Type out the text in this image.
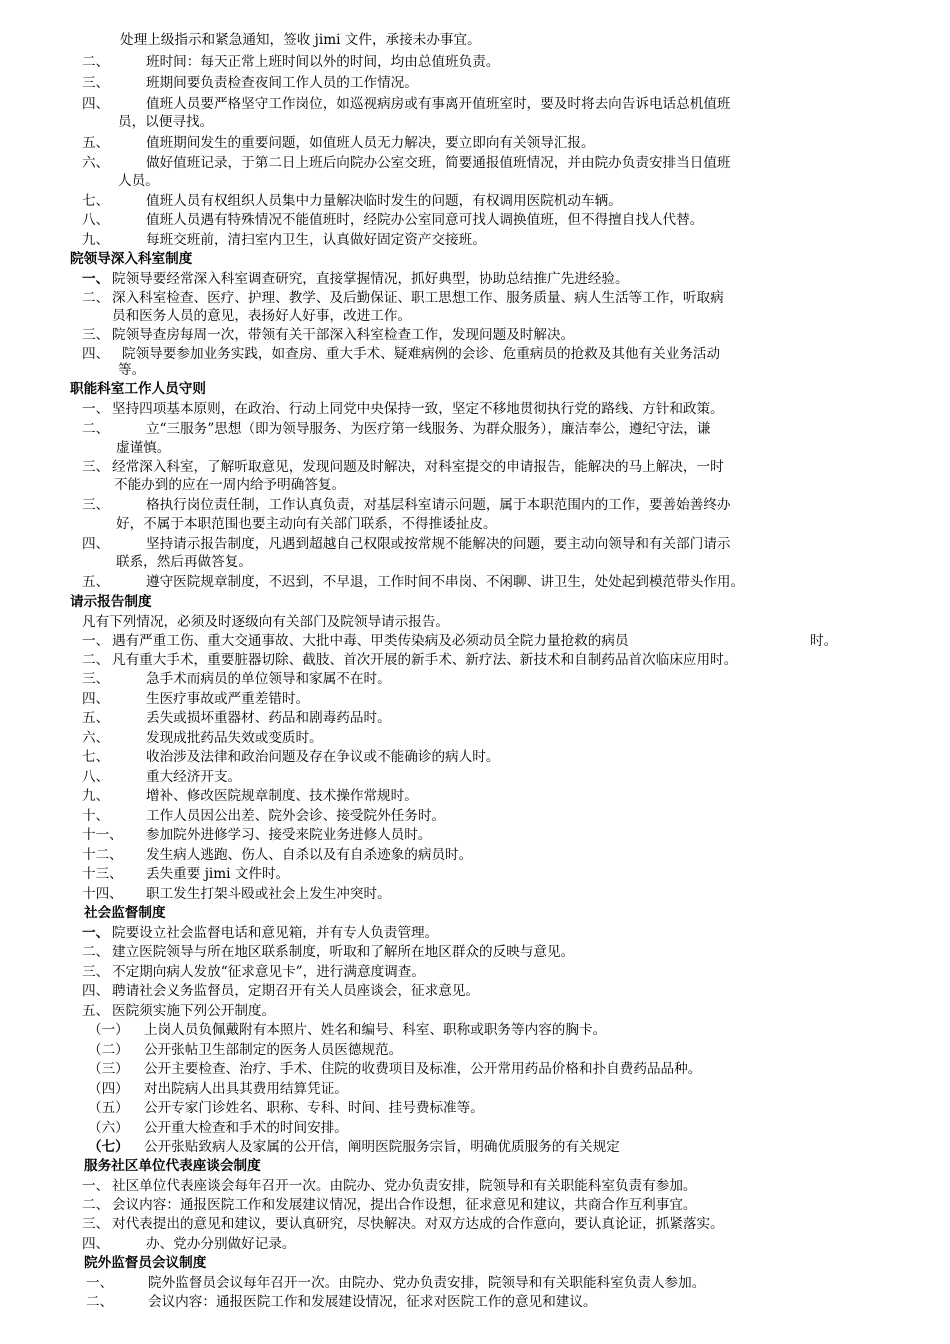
处理上级指示和紧急通知，签收 jimi 文件，承接未办事宜。
二、	班时间：每天正常上班时间以外的时间，均由总值班负责。
三、	班期间要负责检查夜间工作人员的工作情况。
四、	值班人员要严格坚守工作岗位，如巡视病房或有事离开值班室时，要及时将去向告诉电话总机值班
员，以便寻找。
五、	值班期间发生的重要问题，如值班人员无力解决，要立即向有关领导汇报。
六、	做好值班记录，于第二日上班后向院办公室交班，简要通报值班情况，并由院办负责安排当日值班
人员。
七、	值班人员有权组织人员集中力量解决临时发生的问题，有权调用医院机动车辆。
八、	值班人员遇有特殊情况不能值班时，经院办公室同意可找人调换值班，但不得擅自找人代替。
九、	每班交班前，清扫室内卫生，认真做好固定资产交接班。
院领导深入科室制度
一、 院领导要经常深入科室调查研究，直接掌握情况，抓好典型，协助总结推广先进经验。
二、 深入科室检查、医疗、护理、教学、及后勤保证、职工思想工作、服务质量、病人生活等工作，听取病
员和医务人员的意见，表扬好人好事，改进工作。
三、 院领导查房每周一次，带领有关干部深入科室检查工作，发现问题及时解决。
四、 院领导要参加业务实践，如查房、重大手术、疑难病例的会诊、危重病员的抢救及其他有关业务活动
等。
职能科室工作人员守则
一、 坚持四项基本原则，在政治、行动上同党中央保持一致，坚定不移地贯彻执行党的路线、方针和政策。
二、	立“三服务”思想（即为领导服务、为医疗第一线服务、为群众服务），廉洁奉公，遵纪守法，谦
虚谨慎。
三、 经常深入科室，了解听取意见，发现问题及时解决，对科室提交的申请报告，能解决的马上解决，一时
不能办到的应在一周内给予明确答复。
三、	格执行岗位责任制，工作认真负责，对基层科室请示问题，属于本职范围内的工作，要善始善终办
好，不属于本职范围也要主动向有关部门联系，不得推诿扯皮。
四、	坚持请示报告制度，凡遇到超越自己权限或按常规不能解决的问题，要主动向领导和有关部门请示
联系，然后再做答复。
五、	遵守医院规章制度，不迟到，不早退，工作时间不串岗、不闲聊、讲卫生，处处起到模范带头作用。
请示报告制度
凡有下列情况，必须及时逐级向有关部门及院领导请示报告。
一、 遇有严重工伤、重大交通事故、大批中毒、甲类传染病及必须动员全院力量抢救的病员	时。
二、 凡有重大手术，重要脏器切除、截肢、首次开展的新手术、新疗法、新技术和自制药品首次临床应用时。
三、	急手术而病员的单位领导和家属不在时。
四、	生医疗事故或严重差错时。
五、	丢失或损坏重器材、药品和剧毒药品时。
六、	发现成批药品失效或变质时。
七、	收治涉及法律和政治问题及存在争议或不能确诊的病人时。
八、	重大经济开支。
九、	增补、修改医院规章制度、技术操作常规时。
十、	工作人员因公出差、院外会诊、接受院外任务时。
十一、 参加院外进修学习、接受来院业务进修人员时。
十二、 发生病人逃跑、伤人、自杀以及有自杀迹象的病员时。
十三、 丢失重要 jimi 文件时。
十四、 职工发生打架斗殴或社会上发生冲突时。
社会监督制度
一、 院要设立社会监督电话和意见箱，并有专人负责管理。
二、 建立医院领导与所在地区联系制度，听取和了解所在地区群众的反映与意见。
三、 不定期向病人发放“征求意见卡”，进行满意度调查。
四、 聘请社会义务监督员，定期召开有关人员座谈会，征求意见。
五、 医院须实施下列公开制度。
（一） 上岗人员负佩戴附有本照片、姓名和编号、科室、职称或职务等内容的胸卡。
（二） 公开张帖卫生部制定的医务人员医德规范。
（三） 公开主要检查、治疗、手术、住院的收费项目及标准，公开常用药品价格和扑自费药品品种。
（四） 对出院病人出具其费用结算凭证。
（五） 公开专家门诊姓名、职称、专科、时间、挂号费标准等。
（六） 公开重大检查和手术的时间安排。
（七） 公开张贴致病人及家属的公开信，阐明医院服务宗旨，明确优质服务的有关规定
服务社区单位代表座谈会制度
一、 社区单位代表座谈会每年召开一次。由院办、党办负责安排，院领导和有关职能科室负责有参加。
二、 会议内容：通报医院工作和发展建议情况，提出合作设想，征求意见和建议，共商合作互利事宜。
三、 对代表提出的意见和建议，要认真研究，尽快解决。对双方达成的合作意向，要认真论证，抓紧落实。
四、	办、党办分别做好记录。
院外监督员会议制度
一、	院外监督员会议每年召开一次。由院办、党办负责安排，院领导和有关职能科室负责人参加。
二、	会议内容：通报医院工作和发展建设情况，征求对医院工作的意见和建议。
